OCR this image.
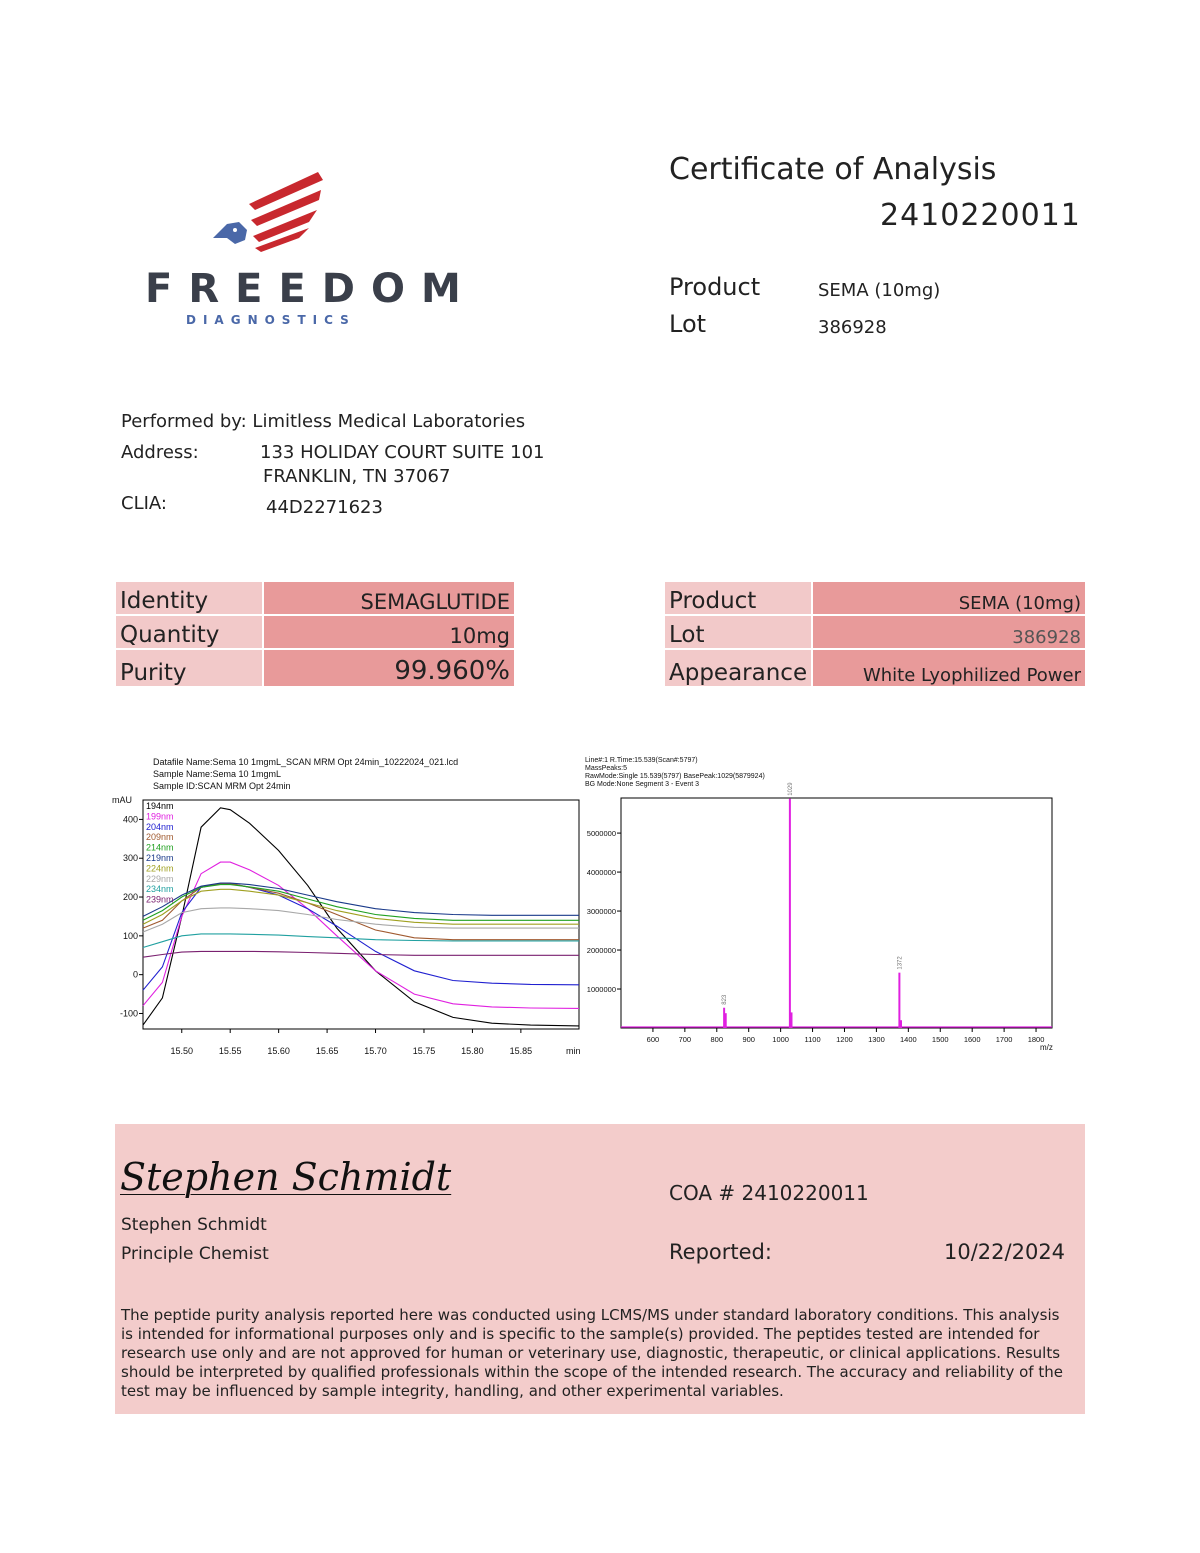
FREEDOM
DIAGNOSTICS
Certificate of Analysis
2410220011
Product	SEMA (10mg)
Lot	386928
Performed by: Limitless Medical Laboratories
Address:	133 HOLIDAY COURT SUITE 101
FRANKLIN, TN 37067
CLIA:	44D2271623
Identity	SEMAGLUTIDE
Quantity	10mg
Purity	99.960%
Product	SEMA (10mg)
Lot	386928
Appearance	White Lyophilized Power
Datafile Name:Sema 10 1mgmL_SCAN MRM Opt 24min_10222024_021.lcd
Sample Name:Sema 10 1mgmL
Sample ID:SCAN MRM Opt 24min
mAU
min
-100
0
100
200
300
400
15.50	15.55	15.60	15.65	15.70	15.75	15.80	15.85
194nm
199nm
204nm
209nm
214nm
219nm
224nm
229nm
234nm
239nm
Line#:1 R.Time:15.539(Scan#:5797)
MassPeaks:5
RawMode:Single 15.539(5797) BasePeak:1029(5879924)
BG Mode:None Segment 3 - Event 3
m/z
1000000
2000000
3000000
4000000
5000000
600	700	800	900 1000 1100 1200 1300 1400 1500 1600 1700 1800
823
1029
1372
Stephen Schmidt
Stephen Schmidt
Principle Chemist
COA # 2410220011
Reported:	10/22/2024
The peptide purity analysis reported here was conducted using LCMS/MS under standard laboratory conditions. This analysis is intended for informational purposes only and is specific to the sample(s) provided. The peptides tested are intended for research use only and are not approved for human or veterinary use, diagnostic, therapeutic, or clinical applications. Results should be interpreted by qualified professionals within the scope of the intended research. The accuracy and reliability of the test may be influenced by sample integrity, handling, and other experimental variables.
